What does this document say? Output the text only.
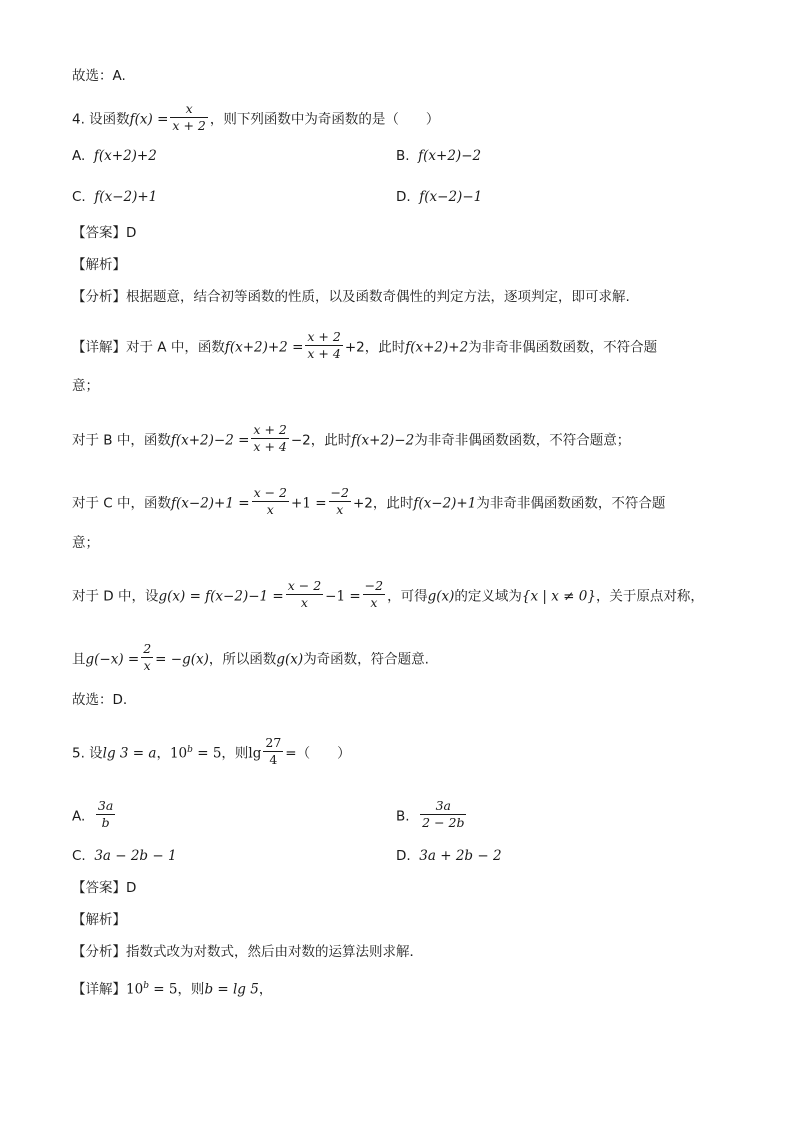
故选：A.
4. 设函数$f(x) = \frac{x}{x + 2}$ ，则下列函数中为奇函数的是（　　）
A. f(x+2)+2	B. f(x+2)−2
C. f(x−2)+1	D. f(x−2)−1
【答案】D
【解析】
【分析】根据题意，结合初等函数的性质，以及函数奇偶性的判定方法，逐项判定，即可求解.
【详解】对于 A 中，函数$f(x+2)+2 = \frac{x + 2}{x + 4} +2$，此时f(x+2)+2为非奇非偶函数函数，不符合题
意；
对于 B 中，函数$f(x+2)-2 = \frac{x + 2}{x + 4} -2$，此时f(x+2)−2为非奇非偶函数函数，不符合题意；
对于 C 中，函数$f(x-2)+1 = \frac{x - 2}{x} +1 = \frac{-2}{x} +2$，此时f(x−2)+1为非奇非偶函数函数，不符合题
意；
对于 D 中，设$g(x) = f(x-2)-1 = \frac{x - 2}{x} -1 = \frac{-2}{x}$ ，可得g(x)的定义域为{x | x ≠ 0}，关于原点对称，
且$g(-x) = \frac{2}{x} = -g(x)$，所以函数g(x)为奇函数，符合题意.
故选：D.
5. 设lg 3 = a，$10^b = 5$，则$\lg \frac{27}{4}$ =（　　）
A. $\frac{3a}{b}$	B. $\frac{3a}{2 - 2b}$
C. 3a − 2b − 1	D. 3a + 2b − 2
【答案】D
【解析】
【分析】指数式改为对数式，然后由对数的运算法则求解．
【详解】$10^b = 5$，则b = lg 5，
